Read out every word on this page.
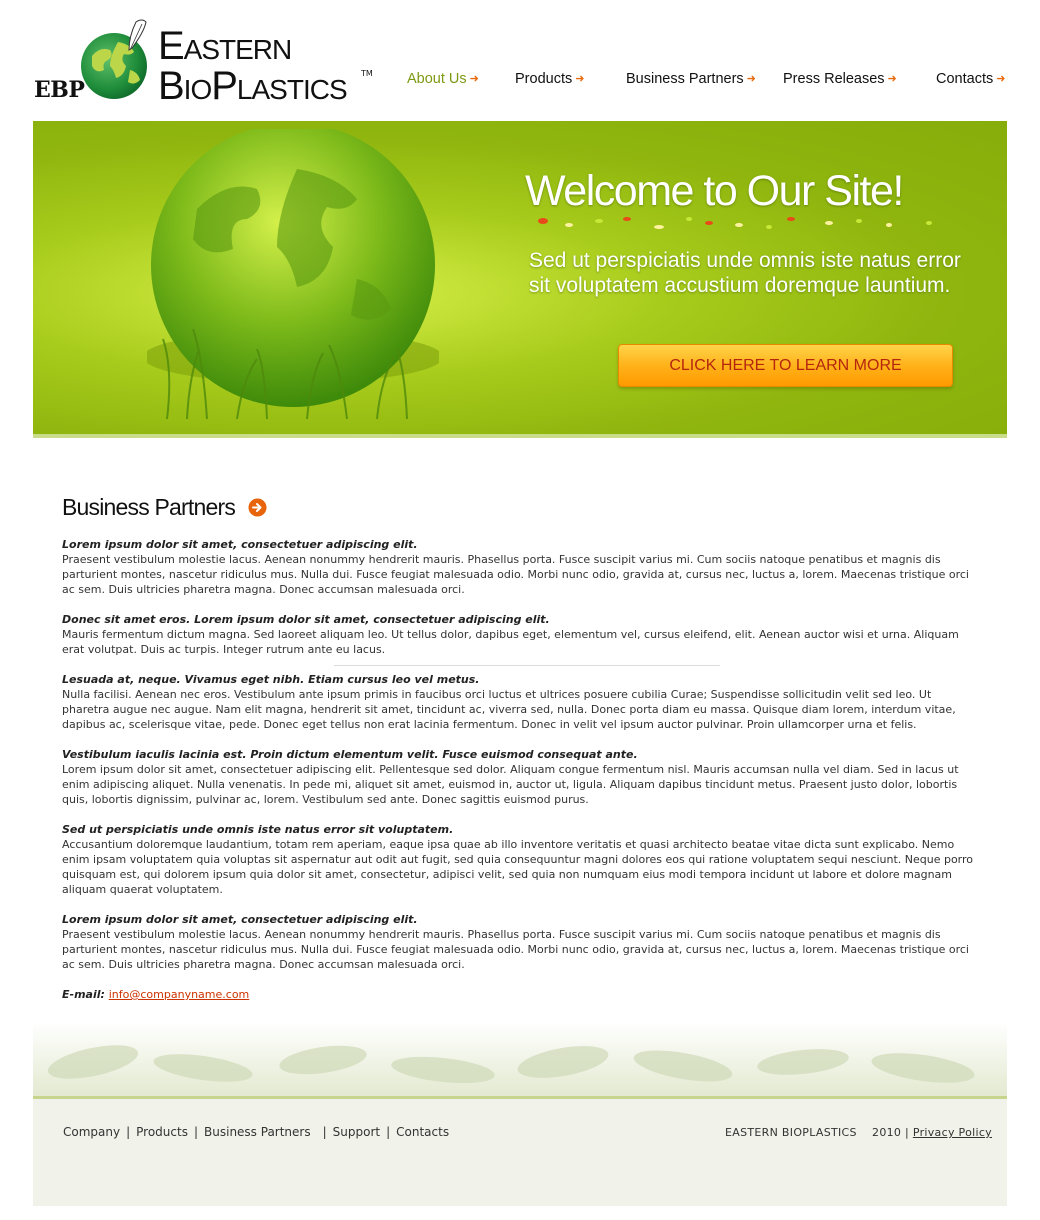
EBP
Eastern
BioPlastics TM About Us ➜ Products ➜	Business Partners ➜ Press Releases ➜	Contacts ➜
Welcome to Our Site!
Sed ut perspiciatis unde omnis iste natus error sit voluptatem accustium doremque launtium.
CLICK HERE TO LEARN MORE
Business Partners
Lorem ipsum dolor sit amet, consectetuer adipiscing elit.

Praesent vestibulum molestie lacus. Aenean nonummy hendrerit mauris. Phasellus porta. Fusce suscipit varius mi. Cum sociis natoque penatibus et magnis dis parturient montes, nascetur ridiculus mus. Nulla dui. Fusce feugiat malesuada odio. Morbi nunc odio, gravida at, cursus nec, luctus a, lorem. Maecenas tristique orci ac sem. Duis ultricies pharetra magna. Donec accumsan malesuada orci.

Donec sit amet eros. Lorem ipsum dolor sit amet, consectetuer adipiscing elit.

Mauris fermentum dictum magna. Sed laoreet aliquam leo. Ut tellus dolor, dapibus eget, elementum vel, cursus eleifend, elit. Aenean auctor wisi et urna. Aliquam erat volutpat. Duis ac turpis. Integer rutrum ante eu lacus.

Lesuada at, neque. Vivamus eget nibh. Etiam cursus leo vel metus.

Nulla facilisi. Aenean nec eros. Vestibulum ante ipsum primis in faucibus orci luctus et ultrices posuere cubilia Curae; Suspendisse sollicitudin velit sed leo. Ut pharetra augue nec augue. Nam elit magna, hendrerit sit amet, tincidunt ac, viverra sed, nulla. Donec porta diam eu massa. Quisque diam lorem, interdum vitae, dapibus ac, scelerisque vitae, pede. Donec eget tellus non erat lacinia fermentum. Donec in velit vel ipsum auctor pulvinar. Proin ullamcorper urna et felis.

Vestibulum iaculis lacinia est. Proin dictum elementum velit. Fusce euismod consequat ante.

Lorem ipsum dolor sit amet, consectetuer adipiscing elit. Pellentesque sed dolor. Aliquam congue fermentum nisl. Mauris accumsan nulla vel diam. Sed in lacus ut enim adipiscing aliquet. Nulla venenatis. In pede mi, aliquet sit amet, euismod in, auctor ut, ligula. Aliquam dapibus tincidunt metus. Praesent justo dolor, lobortis quis, lobortis dignissim, pulvinar ac, lorem. Vestibulum sed ante. Donec sagittis euismod purus.

Sed ut perspiciatis unde omnis iste natus error sit voluptatem.

Accusantium doloremque laudantium, totam rem aperiam, eaque ipsa quae ab illo inventore veritatis et quasi architecto beatae vitae dicta sunt explicabo. Nemo enim ipsam voluptatem quia voluptas sit aspernatur aut odit aut fugit, sed quia consequuntur magni dolores eos qui ratione voluptatem sequi nesciunt. Neque porro quisquam est, qui dolorem ipsum quia dolor sit amet, consectetur, adipisci velit, sed quia non numquam eius modi tempora incidunt ut labore et dolore magnam aliquam quaerat voluptatem.

Lorem ipsum dolor sit amet, consectetuer adipiscing elit.

Praesent vestibulum molestie lacus. Aenean nonummy hendrerit mauris. Phasellus porta. Fusce suscipit varius mi. Cum sociis natoque penatibus et magnis dis parturient montes, nascetur ridiculus mus. Nulla dui. Fusce feugiat malesuada odio. Morbi nunc odio, gravida at, cursus nec, luctus a, lorem. Maecenas tristique orci ac sem. Duis ultricies pharetra magna. Donec accumsan malesuada orci.

E-mail: info@companyname.com
Company | Products | Business Partners | Support | Contacts	EASTERN BIOPLASTICS 2010 | Privacy Policy
